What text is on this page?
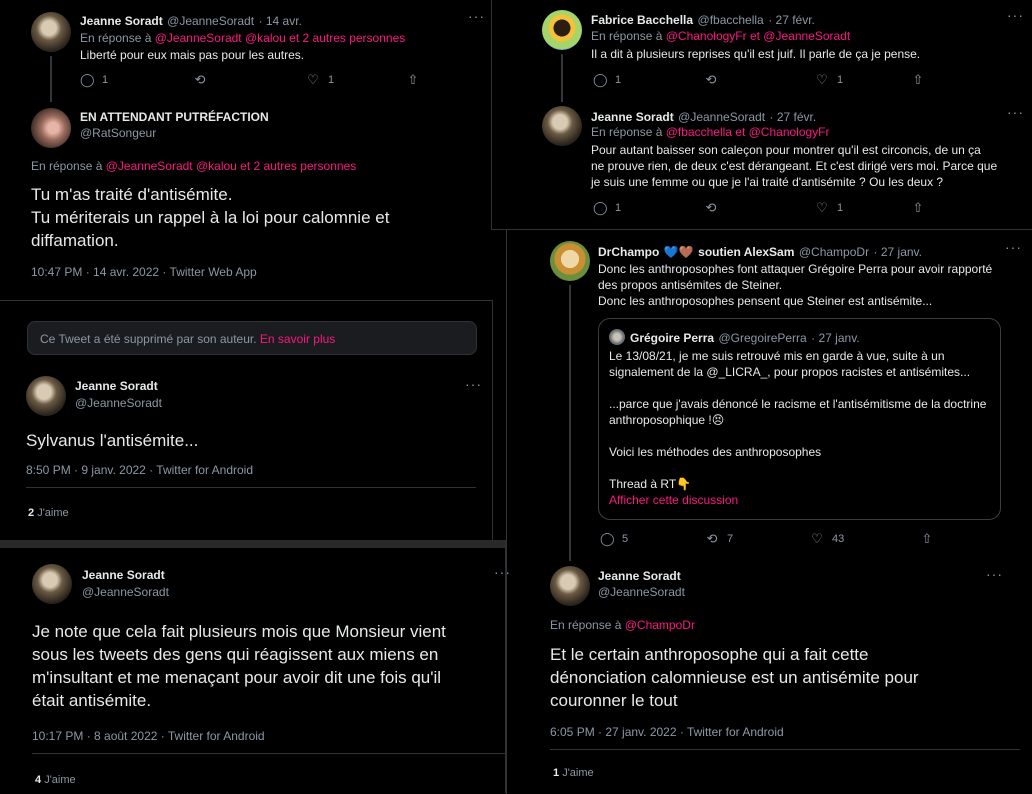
Jeanne Soradt @JeanneSoradt · 14 avr.	···
En réponse à @JeanneSoradt @kalou et 2 autres personnes
Liberté pour eux mais pas pour les autres.
◯ 1	⟲	♡ 1	⇧
EN ATTENDANT PUTRÉFACTION
@RatSongeur
En réponse à @JeanneSoradt @kalou et 2 autres personnes
Tu m'as traité d'antisémite.
Tu mériterais un rappel à la loi pour calomnie et
diffamation.
10:47 PM · 14 avr. 2022 · Twitter Web App
Fabrice Bacchella @fbacchella · 27 févr.	···
En réponse à @ChanologyFr et @JeanneSoradt
Il a dit à plusieurs reprises qu'il est juif. Il parle de ça je pense.
◯ 1	⟲	♡ 1	⇧
Jeanne Soradt @JeanneSoradt · 27 févr.	···
En réponse à @fbacchella et @ChanologyFr
Pour autant baisser son caleçon pour montrer qu'il est circoncis, de un ça
ne prouve rien, de deux c'est dérangeant. Et c'est dirigé vers moi. Parce que
je suis une femme ou que je l'ai traité d'antisémite ? Ou les deux ?
◯ 1	⟲	♡ 1	⇧
Ce Tweet a été supprimé par son auteur. En savoir plus
Jeanne Soradt
@JeanneSoradt
···
Sylvanus l'antisémite...
8:50 PM · 9 janv. 2022 · Twitter for Android
2 J'aime
DrChampo 💙🤎 soutien AlexSam @ChampoDr · 27 janv.	···
Donc les anthroposophes font attaquer Grégoire Perra pour avoir rapporté
des propos antisémites de Steiner.
Donc les anthroposophes pensent que Steiner est antisémite...
Grégoire Perra @GregoirePerra · 27 janv.
Le 13/08/21, je me suis retrouvé mis en garde à vue, suite à un
signalement de la @_LICRA_, pour propos racistes et antisémites...
...parce que j'avais dénoncé le racisme et l'antisémitisme de la doctrine
anthroposophique !😣
Voici les méthodes des anthroposophes
Thread à RT👇
Afficher cette discussion
◯ 5	⟲ 7	♡ 43	⇧
Jeanne Soradt
@JeanneSoradt
···
En réponse à @ChampoDr
Et le certain anthroposophe qui a fait cette
dénonciation calomnieuse est un antisémite pour
couronner le tout
6:05 PM · 27 janv. 2022 · Twitter for Android
1 J'aime
Jeanne Soradt
@JeanneSoradt
···
Je note que cela fait plusieurs mois que Monsieur vient
sous les tweets des gens qui réagissent aux miens en
m'insultant et me menaçant pour avoir dit une fois qu'il
était antisémite.
10:17 PM · 8 août 2022 · Twitter for Android
4 J'aime
